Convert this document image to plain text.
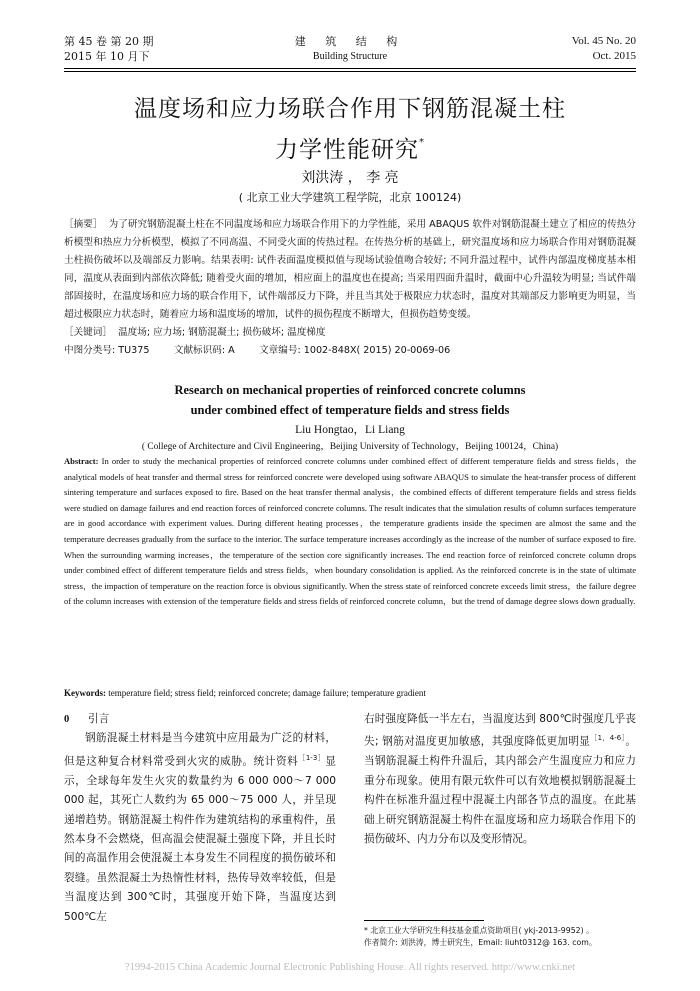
第 45 卷 第 20 期
2015 年 10 月下
建 筑 结 构
Building Structure
Vol. 45 No. 20
Oct. 2015
温度场和应力场联合作用下钢筋混凝土柱
力学性能研究*
刘洪涛 ， 李 亮
( 北京工业大学建筑工程学院，北京 100124)

［摘要］ 为了研究钢筋混凝土柱在不同温度场和应力场联合作用下的力学性能，采用 ABAQUS 软件对钢筋混凝土建立了相应的传热分析模型和热应力分析模型，模拟了不同高温、不同受火面的传热过程。在传热分析的基础上，研究温度场和应力场联合作用对钢筋混凝土柱损伤破坏以及端部反力影响。结果表明: 试件表面温度模拟值与现场试验值吻合较好; 不同升温过程中，试件内部温度梯度基本相同，温度从表面到内部依次降低; 随着受火面的增加，相应面上的温度也在提高; 当采用四面升温时，截面中心升温较为明显; 当试件端部固接时，在温度场和应力场的联合作用下，试件端部反力下降，并且当其处于极限应力状态时，温度对其端部反力影响更为明显，当超过极限应力状态时，随着应力场和温度场的增加，试件的损伤程度不断增大，但损伤趋势变缓。

［关键词］ 温度场; 应力场; 钢筋混凝土; 损伤破坏; 温度梯度

中图分类号: TU375	文献标识码: A	文章编号: 1002-848X( 2015) 20-0069-06

Research on mechanical properties of reinforced concrete columns
under combined effect of temperature fields and stress fields
Liu Hongtao，Li Liang
( College of Architecture and Civil Engineering，Beijing University of Technology，Beijing 100124，China)

Abstract: In order to study the mechanical properties of reinforced concrete columns under combined effect of different temperature fields and stress fields，the analytical models of heat transfer and thermal stress for reinforced concrete were developed using software ABAQUS to simulate the heat-transfer process of different sintering temperature and surfaces exposed to fire. Based on the heat transfer thermal analysis，the combined effects of different temperature fields and stress fields were studied on damage failures and end reaction forces of reinforced concrete columns. The result indicates that the simulation results of column surfaces temperature are in good accordance with experiment values. During different heating processes，the temperature gradients inside the specimen are almost the same and the temperature decreases gradually from the surface to the interior. The surface temperature increases accordingly as the increase of the number of surface exposed to fire. When the surrounding warming increases，the temperature of the section core significantly increases. The end reaction force of reinforced concrete column drops under combined effect of different temperature fields and stress fields，when boundary consolidation is applied. As the reinforced concrete is in the state of ultimate stress，the impaction of temperature on the reaction force is obvious significantly. When the stress state of reinforced concrete exceeds limit stress，the failure degree of the column increases with extension of the temperature fields and stress fields of reinforced concrete column，but the trend of damage degree slows down gradually.

Keywords: temperature field; stress field; reinforced concrete; damage failure; temperature gradient

0 引言

钢筋混凝土材料是当今建筑中应用最为广泛的材料，但是这种复合材料常受到火灾的威胁。统计资料$^{[1-3]}$显示，全球每年发生火灾的数量约为 6 000 000～7 000 000 起，其死亡人数约为 65 000～75 000 人，并呈现递增趋势。钢筋混凝土构件作为建筑结构的承重构件，虽然本身不会燃烧，但高温会使混凝土强度下降，并且长时间的高温作用会使混凝土本身发生不同程度的损伤破坏和裂缝。虽然混凝土为热惰性材料，热传导效率较低，但是当温度达到 300℃时，其强度开始下降，当温度达到 500℃左

右时强度降低一半左右，当温度达到 800℃时强度几乎丧失; 钢筋对温度更加敏感，其强度降低更加明显$^{[1,4-6]}$。当钢筋混凝土构件升温后，其内部会产生温度应力和应力重分布现象。使用有限元软件可以有效地模拟钢筋混凝土构件在标准升温过程中混凝土内部各节点的温度。在此基础上研究钢筋混凝土构件在温度场和应力场联合作用下的损伤破坏、内力分布以及变形情况。

* 北京工业大学研究生科技基金重点资助项目( ykj-2013-9952) 。

作者简介: 刘洪涛，博士研究生，Email: liuht0312@ 163. com。

?1994-2015 China Academic Journal Electronic Publishing House. All rights reserved. http://www.cnki.net
